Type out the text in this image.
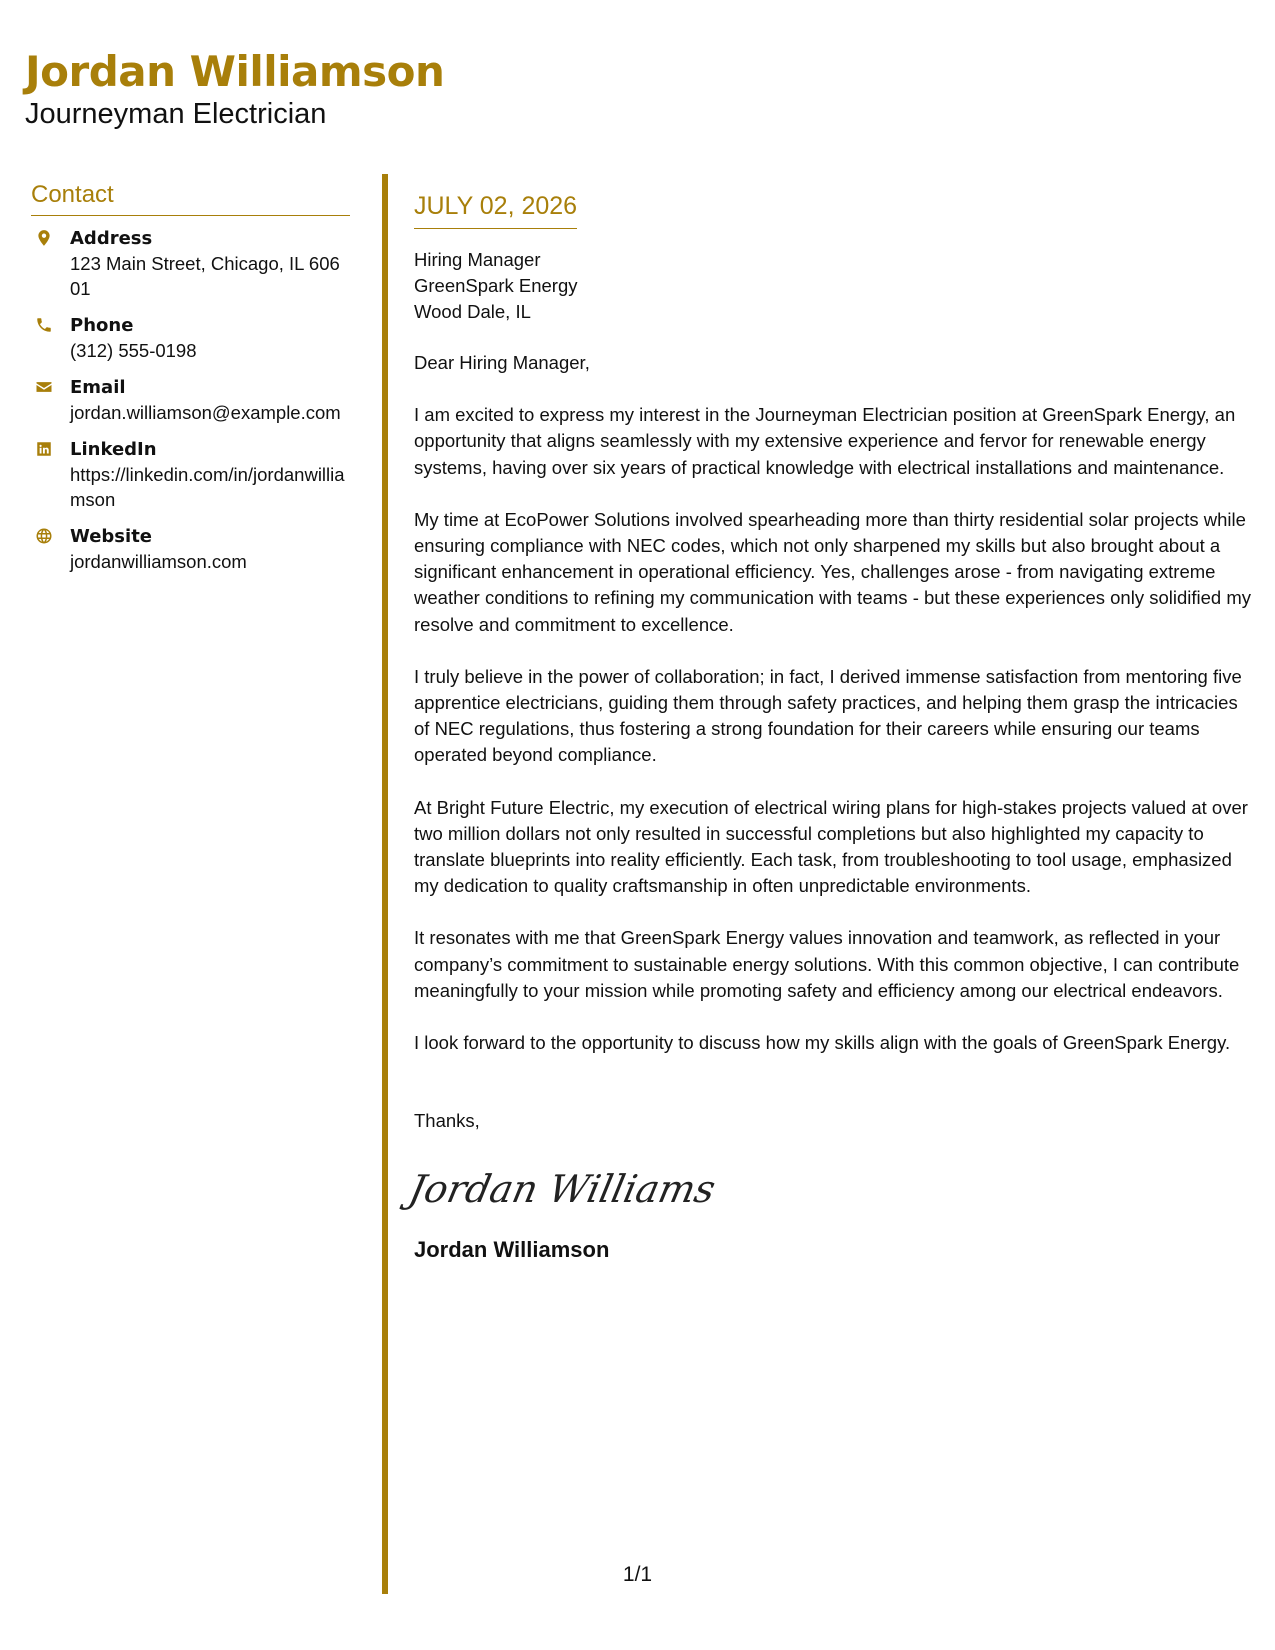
Jordan Williamson
Journeyman Electrician
Contact
Address
123 Main Street, Chicago, IL 60601
Phone
(312) 555-0198
Email
jordan.williamson@example.com
LinkedIn
https://linkedin.com/in/jordanwilliamson
Website
jordanwilliamson.com
JULY 02, 2026
Hiring Manager
GreenSpark Energy
Wood Dale, IL

Dear Hiring Manager,

I am excited to express my interest in the Journeyman Electrician position at GreenSpark Energy, an opportunity that aligns seamlessly with my extensive experience and fervor for renewable energy systems, having over six years of practical knowledge with electrical installations and maintenance.

My time at EcoPower Solutions involved spearheading more than thirty residential solar projects while ensuring compliance with NEC codes, which not only sharpened my skills but also brought about a significant enhancement in operational efficiency. Yes, challenges arose - from navigating extreme weather conditions to refining my communication with teams - but these experiences only solidified my resolve and commitment to excellence.

I truly believe in the power of collaboration; in fact, I derived immense satisfaction from mentoring five apprentice electricians, guiding them through safety practices, and helping them grasp the intricacies of NEC regulations, thus fostering a strong foundation for their careers while ensuring our teams operated beyond compliance.

At Bright Future Electric, my execution of electrical wiring plans for high-stakes projects valued at over two million dollars not only resulted in successful completions but also highlighted my capacity to translate blueprints into reality efficiently. Each task, from troubleshooting to tool usage, emphasized my dedication to quality craftsmanship in often unpredictable environments.

It resonates with me that GreenSpark Energy values innovation and teamwork, as reflected in your company’s commitment to sustainable energy solutions. With this common objective, I can contribute meaningfully to your mission while promoting safety and efficiency among our electrical endeavors.

I look forward to the opportunity to discuss how my skills align with the goals of GreenSpark Energy.

Thanks,

Jordan Williams
Jordan Williamson
1/1
